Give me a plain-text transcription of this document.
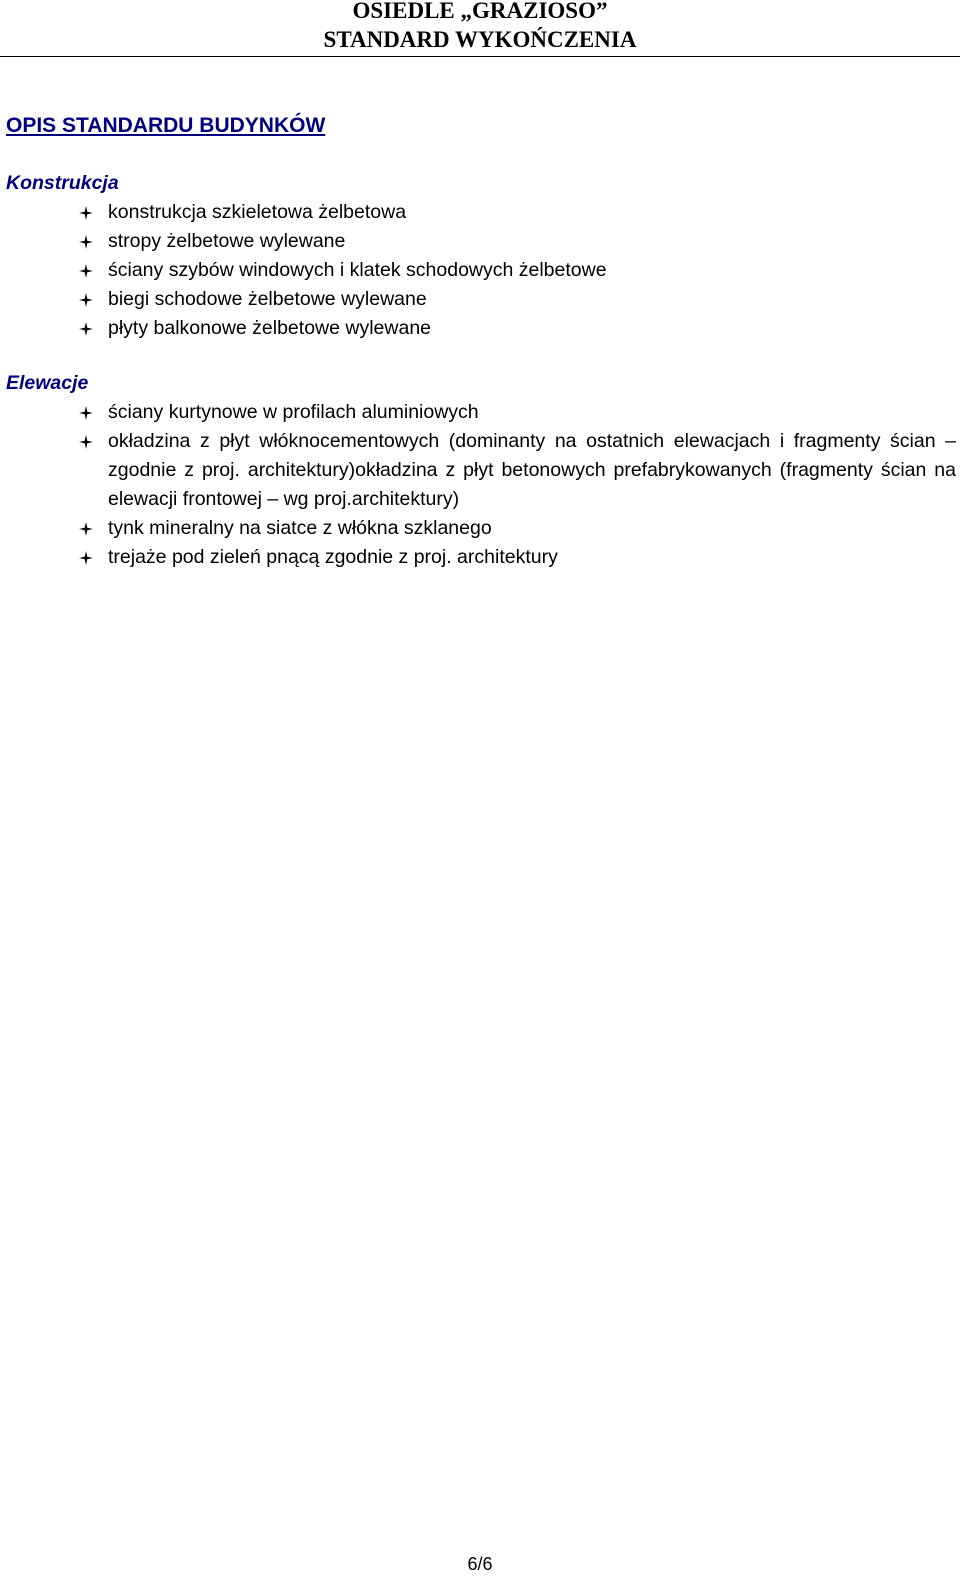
OSIEDLE „GRAZIOSO”
STANDARD WYKOŃCZENIA
OPIS STANDARDU BUDYNKÓW
Konstrukcja
konstrukcja szkieletowa żelbetowa
stropy żelbetowe wylewane
ściany szybów windowych i klatek schodowych żelbetowe
biegi schodowe żelbetowe wylewane
płyty balkonowe żelbetowe wylewane
Elewacje
ściany kurtynowe w profilach aluminiowych
okładzina z płyt włóknocementowych (dominanty na ostatnich elewacjach i fragmenty ścian – zgodnie z proj. architektury)okładzina z płyt betonowych prefabrykowanych (fragmenty ścian na elewacji frontowej – wg proj.architektury)
tynk mineralny na siatce z włókna szklanego
trejaże pod zieleń pnącą zgodnie z proj. architektury
6/6
